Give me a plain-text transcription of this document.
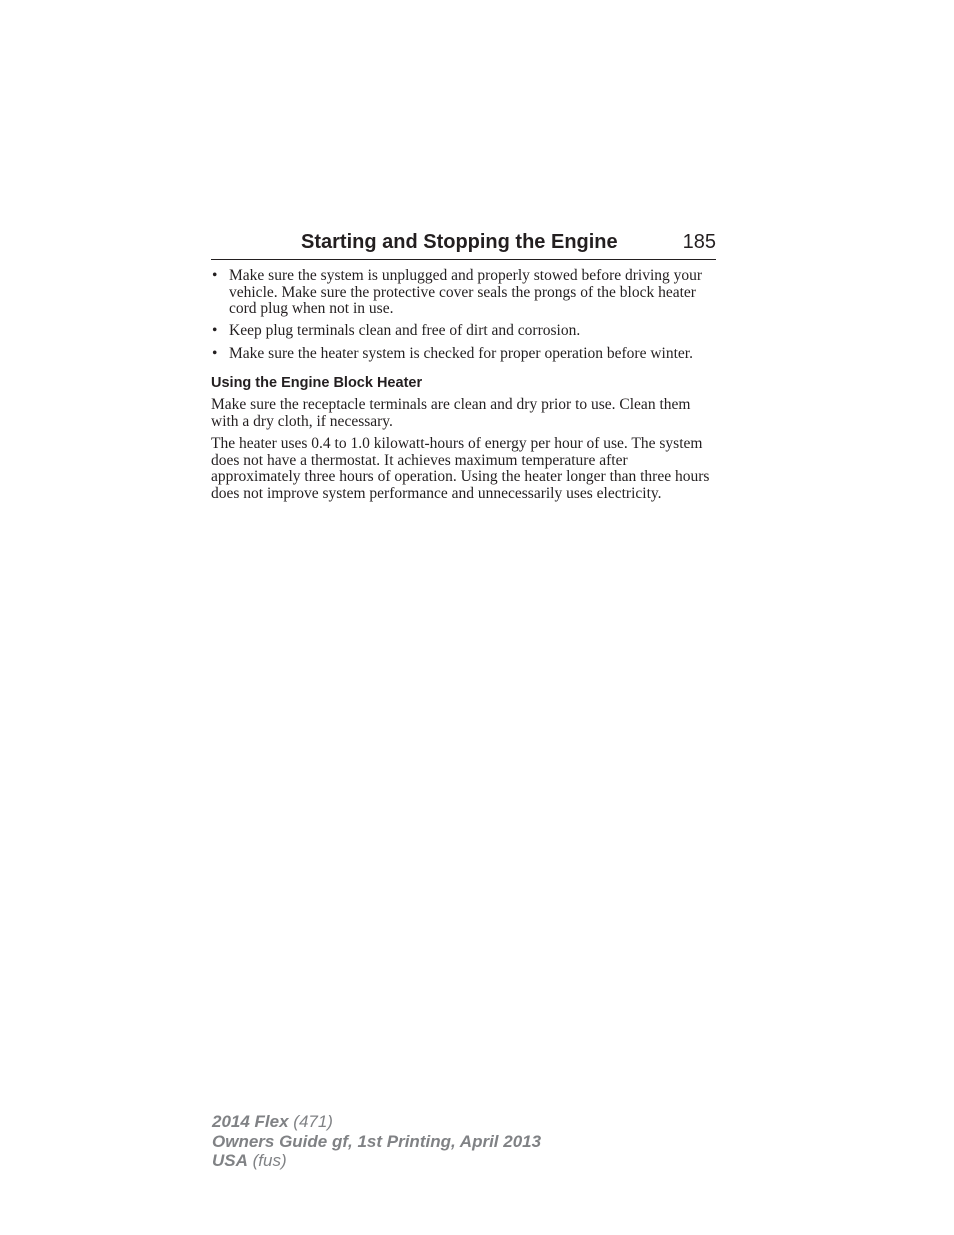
Starting and Stopping the Engine	185
• Make sure the system is unplugged and properly stowed before driving your vehicle. Make sure the protective cover seals the prongs of the block heater cord plug when not in use.
• Keep plug terminals clean and free of dirt and corrosion.
• Make sure the heater system is checked for proper operation before winter.
Using the Engine Block Heater

Make sure the receptacle terminals are clean and dry prior to use. Clean them with a dry cloth, if necessary.

The heater uses 0.4 to 1.0 kilowatt-hours of energy per hour of use. The system does not have a thermostat. It achieves maximum temperature after approximately three hours of operation. Using the heater longer than three hours does not improve system performance and unnecessarily uses electricity.

2014 Flex (471)
Owners Guide gf, 1st Printing, April 2013
USA (fus)
